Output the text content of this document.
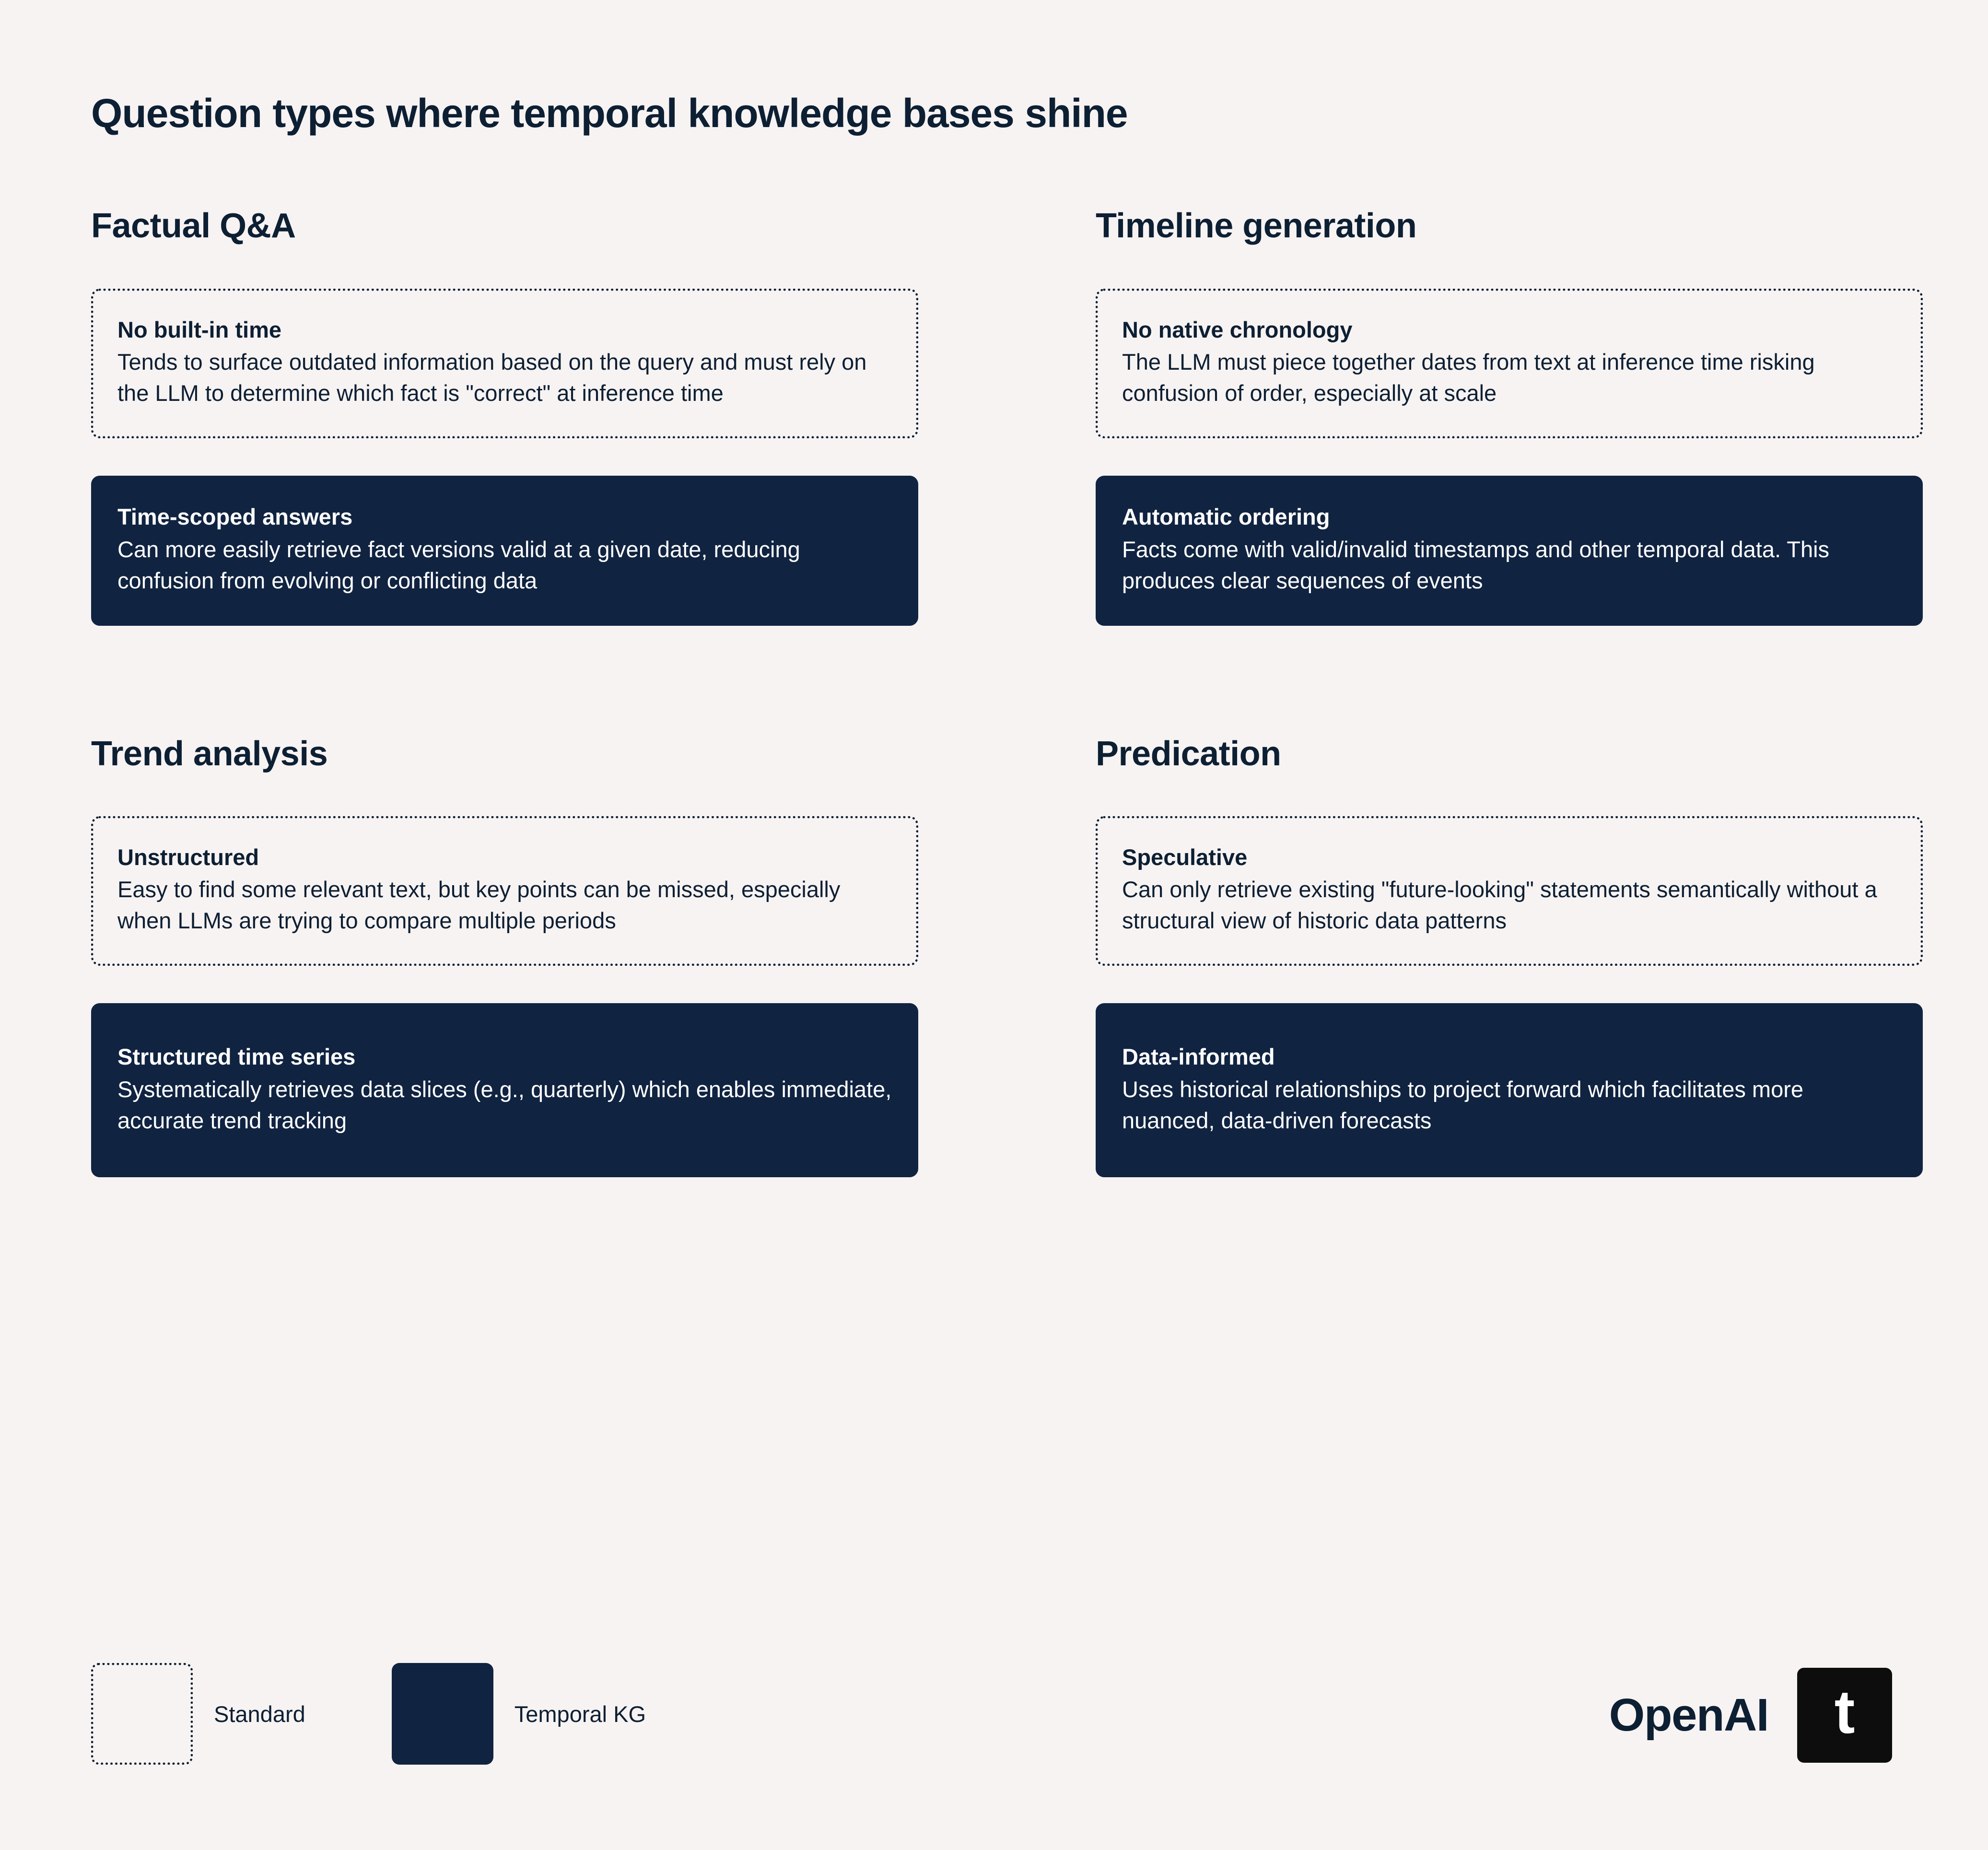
Question types where temporal knowledge bases shine
Factual Q&A

No built-in time

Tends to surface outdated information based on the query and must rely on the LLM to determine which fact is "correct" at inference time

Time-scoped answers

Can more easily retrieve fact versions valid at a given date, reducing confusion from evolving or conflicting data

Timeline generation

No native chronology

The LLM must piece together dates from text at inference time risking confusion of order, especially at scale

Automatic ordering

Facts come with valid/invalid timestamps and other temporal data. This produces clear sequences of events

Trend analysis

Unstructured

Easy to find some relevant text, but key points can be missed, especially when LLMs are trying to compare multiple periods

Structured time series

Systematically retrieves data slices (e.g., quarterly) which enables immediate, accurate trend tracking

Predication

Speculative

Can only retrieve existing "future-looking" statements semantically without a structural view of historic data patterns

Data-informed

Uses historical relationships to project forward which facilitates more nuanced, data-driven forecasts

Standard	Temporal KG	OpenAI t
